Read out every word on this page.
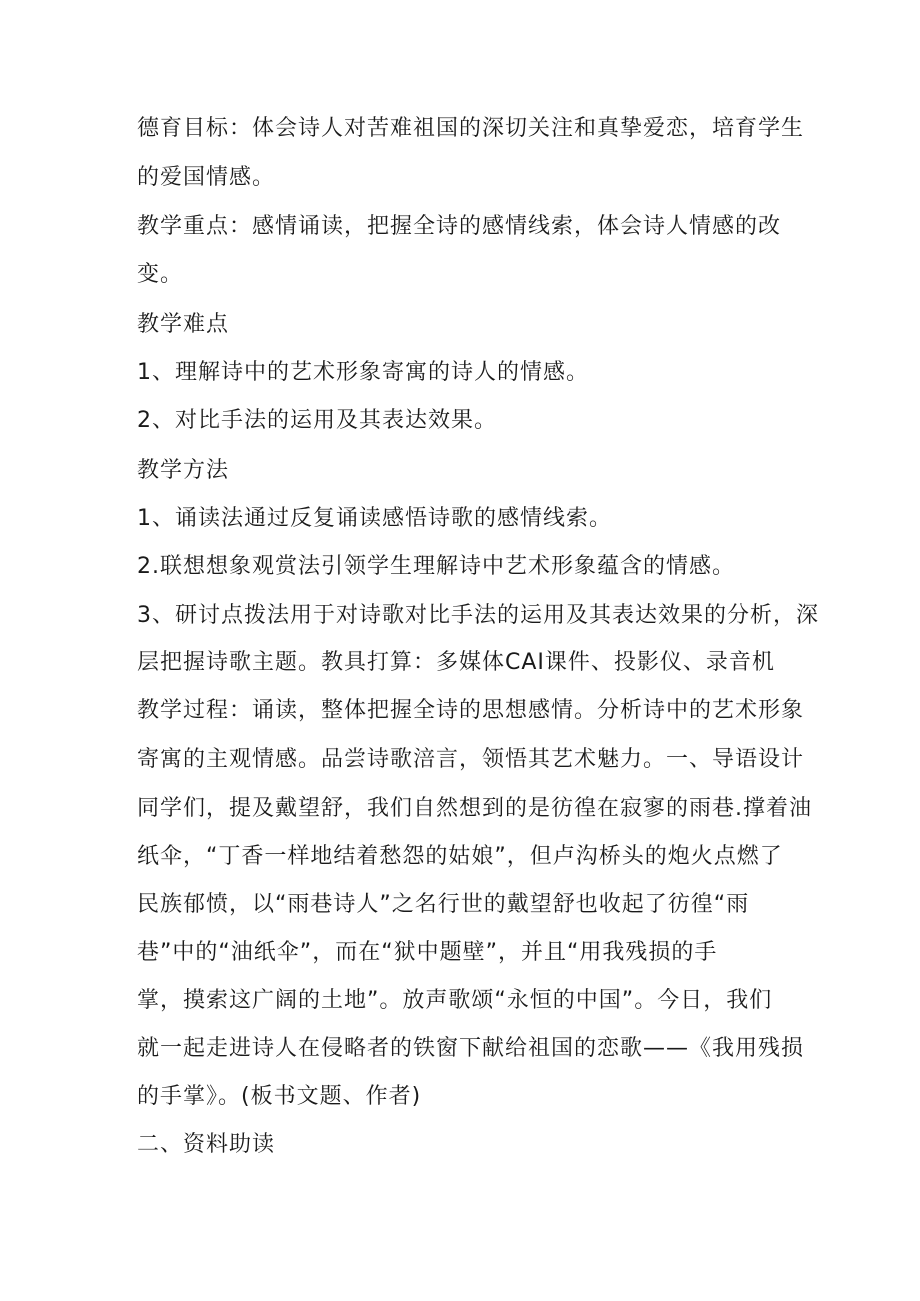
德育目标：体会诗人对苦难祖国的深切关注和真挚爱恋，培育学生

的爱国情感。

教学重点：感情诵读，把握全诗的感情线索，体会诗人情感的改

变。

教学难点

1、理解诗中的艺术形象寄寓的诗人的情感。

2、对比手法的运用及其表达效果。

教学方法

1、诵读法通过反复诵读感悟诗歌的感情线索。

2.联想想象观赏法引领学生理解诗中艺术形象蕴含的情感。

3、研讨点拨法用于对诗歌对比手法的运用及其表达效果的分析，深

层把握诗歌主题。教具打算：多媒体CAI课件、投影仪、录音机

教学过程：诵读，整体把握全诗的思想感情。分析诗中的艺术形象

寄寓的主观情感。品尝诗歌涪言，领悟其艺术魅力。一、导语设计

同学们，提及戴望舒，我们自然想到的是彷徨在寂寥的雨巷.撑着油

纸伞，“丁香一样地结着愁怨的姑娘”，但卢沟桥头的炮火点燃了

民族郁愤，以“雨巷诗人”之名行世的戴望舒也收起了彷徨“雨

巷”中的“油纸伞”，而在“狱中题壁”，并且“用我残损的手

掌，摸索这广阔的土地”。放声歌颂“永恒的中国”。今日，我们

就一起走进诗人在侵略者的铁窗下献给祖国的恋歌——《我用残损

的手掌》。(板书文题、作者)

二、资料助读
